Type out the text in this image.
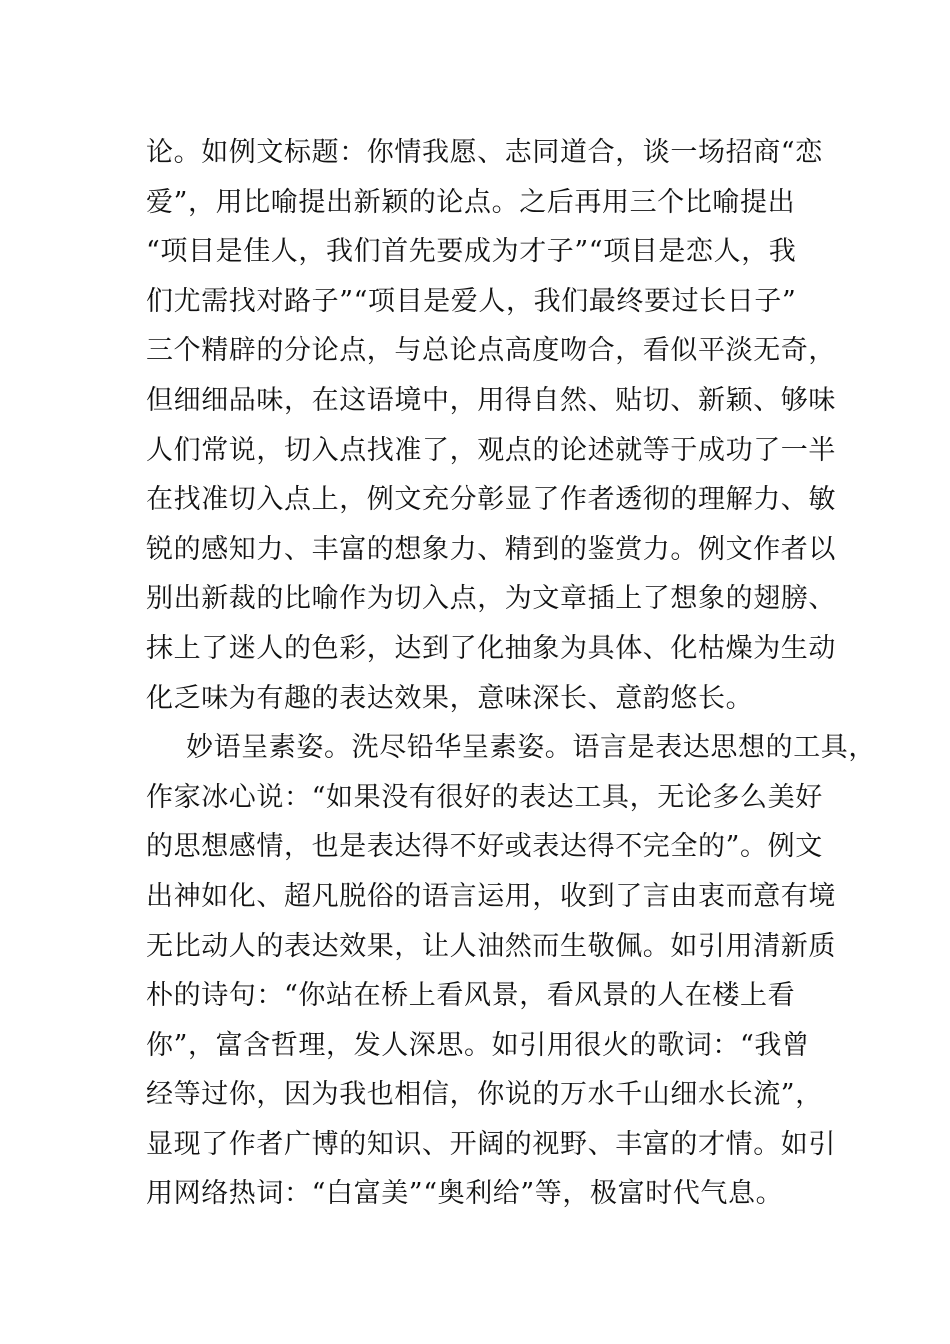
论。如例文标题：你情我愿、志同道合，谈一场招商“恋
爱”，用比喻提出新颖的论点。之后再用三个比喻提出
“项目是佳人，我们首先要成为才子”“项目是恋人，我
们尤需找对路子”“项目是爱人，我们最终要过长日子”
三个精辟的分论点，与总论点高度吻合，看似平淡无奇，
但细细品味，在这语境中，用得自然、贴切、新颖、够味
人们常说，切入点找准了，观点的论述就等于成功了一半
在找准切入点上，例文充分彰显了作者透彻的理解力、敏
锐的感知力、丰富的想象力、精到的鉴赏力。例文作者以
别出新裁的比喻作为切入点，为文章插上了想象的翅膀、
抹上了迷人的色彩，达到了化抽象为具体、化枯燥为生动
化乏味为有趣的表达效果，意味深长、意韵悠长。
妙语呈素姿。洗尽铅华呈素姿。语言是表达思想的工具，
作家冰心说：“如果没有很好的表达工具，无论多么美好
的思想感情，也是表达得不好或表达得不完全的”。例文
出神如化、超凡脱俗的语言运用，收到了言由衷而意有境
无比动人的表达效果，让人油然而生敬佩。如引用清新质
朴的诗句：“你站在桥上看风景，看风景的人在楼上看
你”，富含哲理，发人深思。如引用很火的歌词：“我曾
经等过你，因为我也相信，你说的万水千山细水长流”，
显现了作者广博的知识、开阔的视野、丰富的才情。如引
用网络热词：“白富美”“奥利给”等，极富时代气息。
